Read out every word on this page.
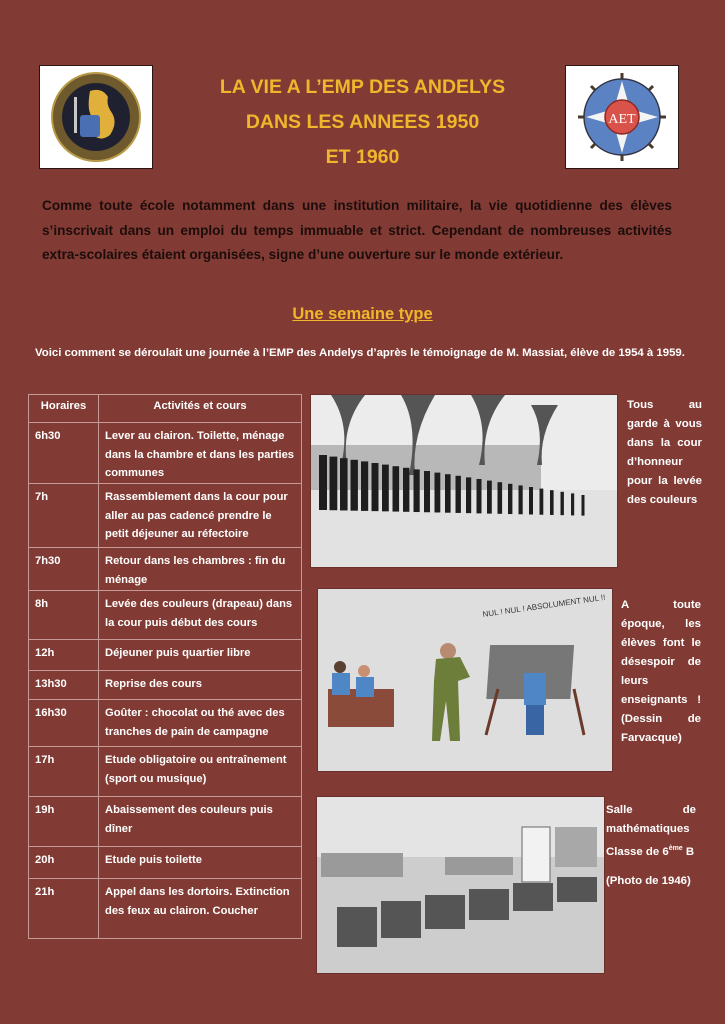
AET
LA VIE A L’EMP DES ANDELYS
DANS LES ANNEES 1950
ET 1960
Comme toute école notamment dans une institution militaire, la vie quotidienne des élèves s’inscrivait dans un emploi du temps immuable et strict. Cependant de nombreuses activités extra-scolaires étaient organisées, signe d’une ouverture sur le monde extérieur.
Une semaine type
Voici comment se déroulait une journée à l’EMP des Andelys d’après le témoignage de M. Massiat, élève de 1954 à 1959.
Horaires	Activités et cours
6h30	Lever au clairon. Toilette, ménage dans la chambre et dans les parties communes
7h	Rassemblement dans la cour pour aller au pas cadencé prendre le petit déjeuner au réfectoire
7h30	Retour dans les chambres : fin du ménage
8h	Levée des couleurs (drapeau) dans la cour puis début des cours
12h	Déjeuner puis quartier libre
13h30	Reprise des cours
16h30	Goûter : chocolat ou thé avec des tranches de pain de campagne
17h	Etude obligatoire ou entraînement (sport ou musique)
19h	Abaissement des couleurs puis dîner
20h	Etude puis toilette
21h	Appel dans les dortoirs. Extinction des feux au clairon. Coucher
NUL ! NUL ! ABSOLUMENT NUL !!
Tous au garde à vous dans la cour d’honneur pour la levée des couleurs
A toute époque, les élèves font le désespoir de leurs enseignants ! (Dessin de Farvacque)
Salle de mathématiques
Classe de 6ème B
(Photo de 1946)
